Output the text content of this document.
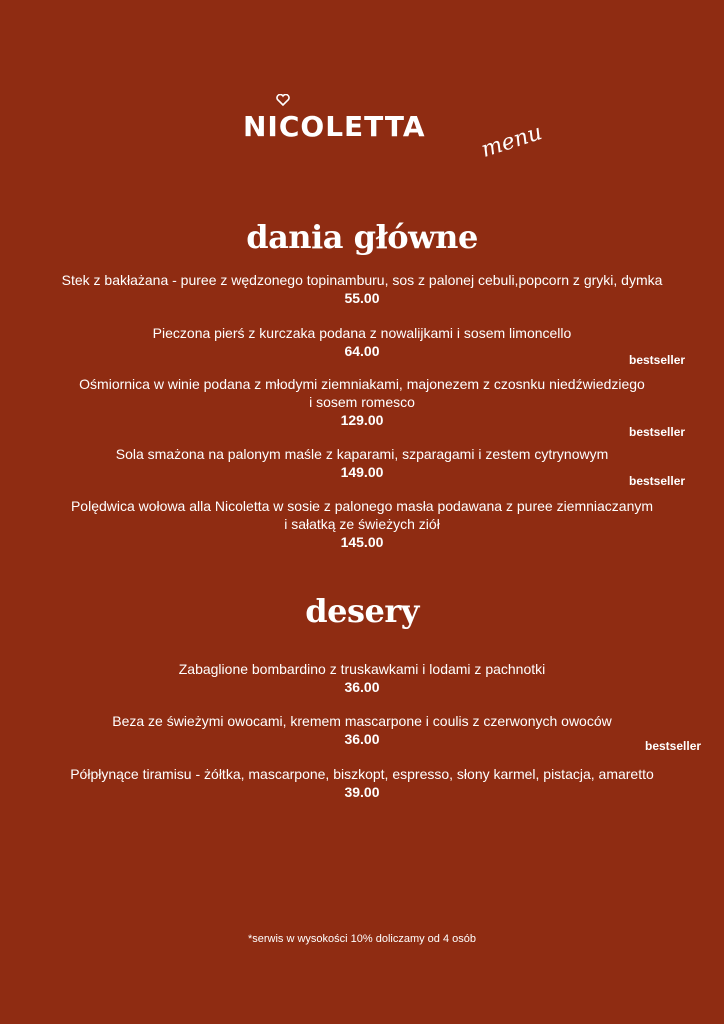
NICOLETTA menu
dania główne
Stek z bakłażana - puree z wędzonego topinamburu, sos z palonej cebuli,popcorn z gryki, dymka
55.00
Pieczona pierś z kurczaka podana z nowalijkami i sosem limoncello
64.00
bestseller
Ośmiornica w winie podana z młodymi ziemniakami, majonezem z czosnku niedźwiedziego
i sosem romesco
129.00
bestseller
Sola smażona na palonym maśle z kaparami, szparagami i zestem cytrynowym
149.00
bestseller
Polędwica wołowa alla Nicoletta w sosie z palonego masła podawana z puree ziemniaczanym
i sałatką ze świeżych ziół
145.00
desery
Zabaglione bombardino z truskawkami i lodami z pachnotki
36.00
Beza ze świeżymi owocami, kremem mascarpone i coulis z czerwonych owoców
36.00	bestseller
Półpłynące tiramisu - żółtka, mascarpone, biszkopt, espresso, słony karmel, pistacja, amaretto
39.00
*serwis w wysokości 10% doliczamy od 4 osób
